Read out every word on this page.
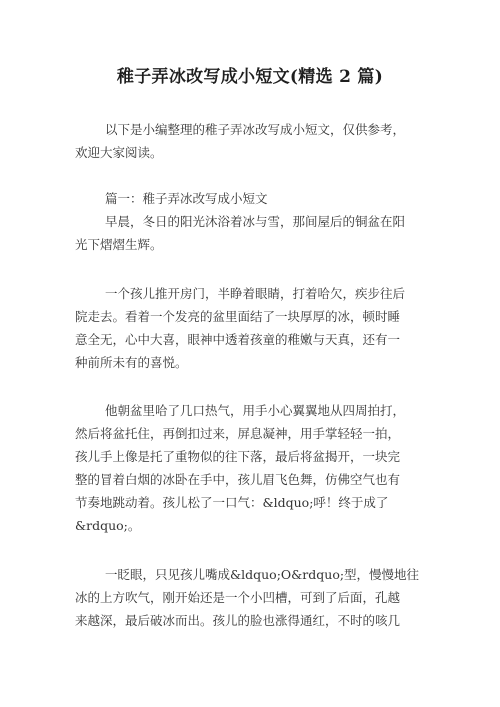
稚子弄冰改写成小短文(精选 2 篇)
以下是小编整理的稚子弄冰改写成小短文，仅供参考，
欢迎大家阅读。
篇一：稚子弄冰改写成小短文
早晨，冬日的阳光沐浴着冰与雪，那间屋后的铜盆在阳
光下熠熠生辉。
一个孩儿推开房门，半睁着眼睛，打着哈欠，疾步往后
院走去。看着一个发亮的盆里面结了一块厚厚的冰，顿时睡
意全无，心中大喜，眼神中透着孩童的稚嫩与天真，还有一
种前所未有的喜悦。
他朝盆里哈了几口热气，用手小心翼翼地从四周拍打，
然后将盆托住，再倒扣过来，屏息凝神，用手掌轻轻一拍，
孩儿手上像是托了重物似的往下落，最后将盆揭开，一块完
整的冒着白烟的冰卧在手中，孩儿眉飞色舞，仿佛空气也有
节奏地跳动着。孩儿松了一口气：&ldquo;呼！终于成了
&rdquo;。
一眨眼，只见孩儿嘴成&ldquo;O&rdquo;型，慢慢地往
冰的上方吹气，刚开始还是一个小凹槽，可到了后面，孔越
来越深，最后破冰而出。孩儿的脸也涨得通红，不时的咳几
